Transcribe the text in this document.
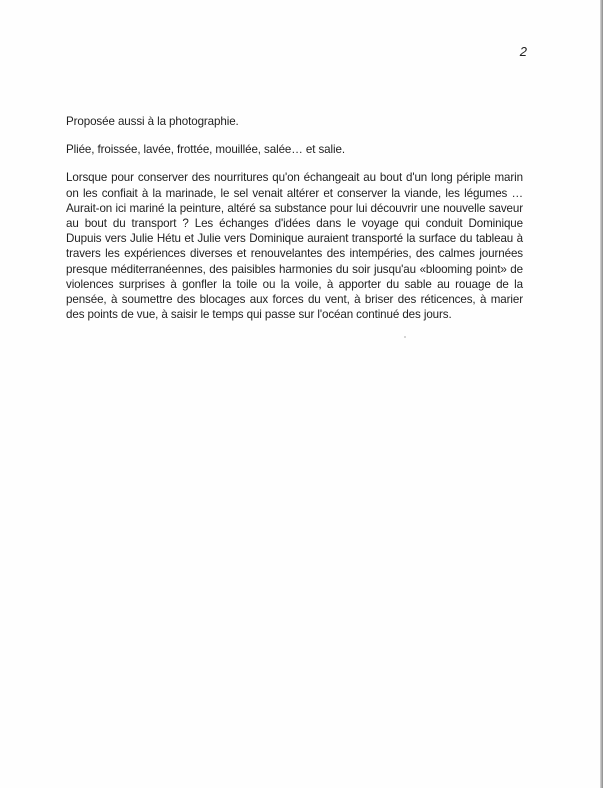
2

Proposée aussi à la photographie.

Pliée, froissée, lavée, frottée, mouillée, salée… et salie.

Lorsque pour conserver des nourritures qu'on échangeait au bout d'un long périple marin on les confiait à la marinade, le sel venait altérer et conserver la viande, les légumes … Aurait-on ici mariné la peinture, altéré sa substance pour lui découvrir une nouvelle saveur au bout du transport ? Les échanges d'idées dans le voyage qui conduit Dominique Dupuis vers Julie Hétu et Julie vers Dominique auraient transporté la surface du tableau à travers les expériences diverses et renouvelantes des intempéries, des calmes journées presque méditerranéennes, des paisibles harmonies du soir jusqu'au «blooming point» de violences surprises à gonfler la toile ou la voile, à apporter du sable au rouage de la pensée, à soumettre des blocages aux forces du vent, à briser des réticences, à marier des points de vue, à saisir le temps qui passe sur l'océan continué des jours.
